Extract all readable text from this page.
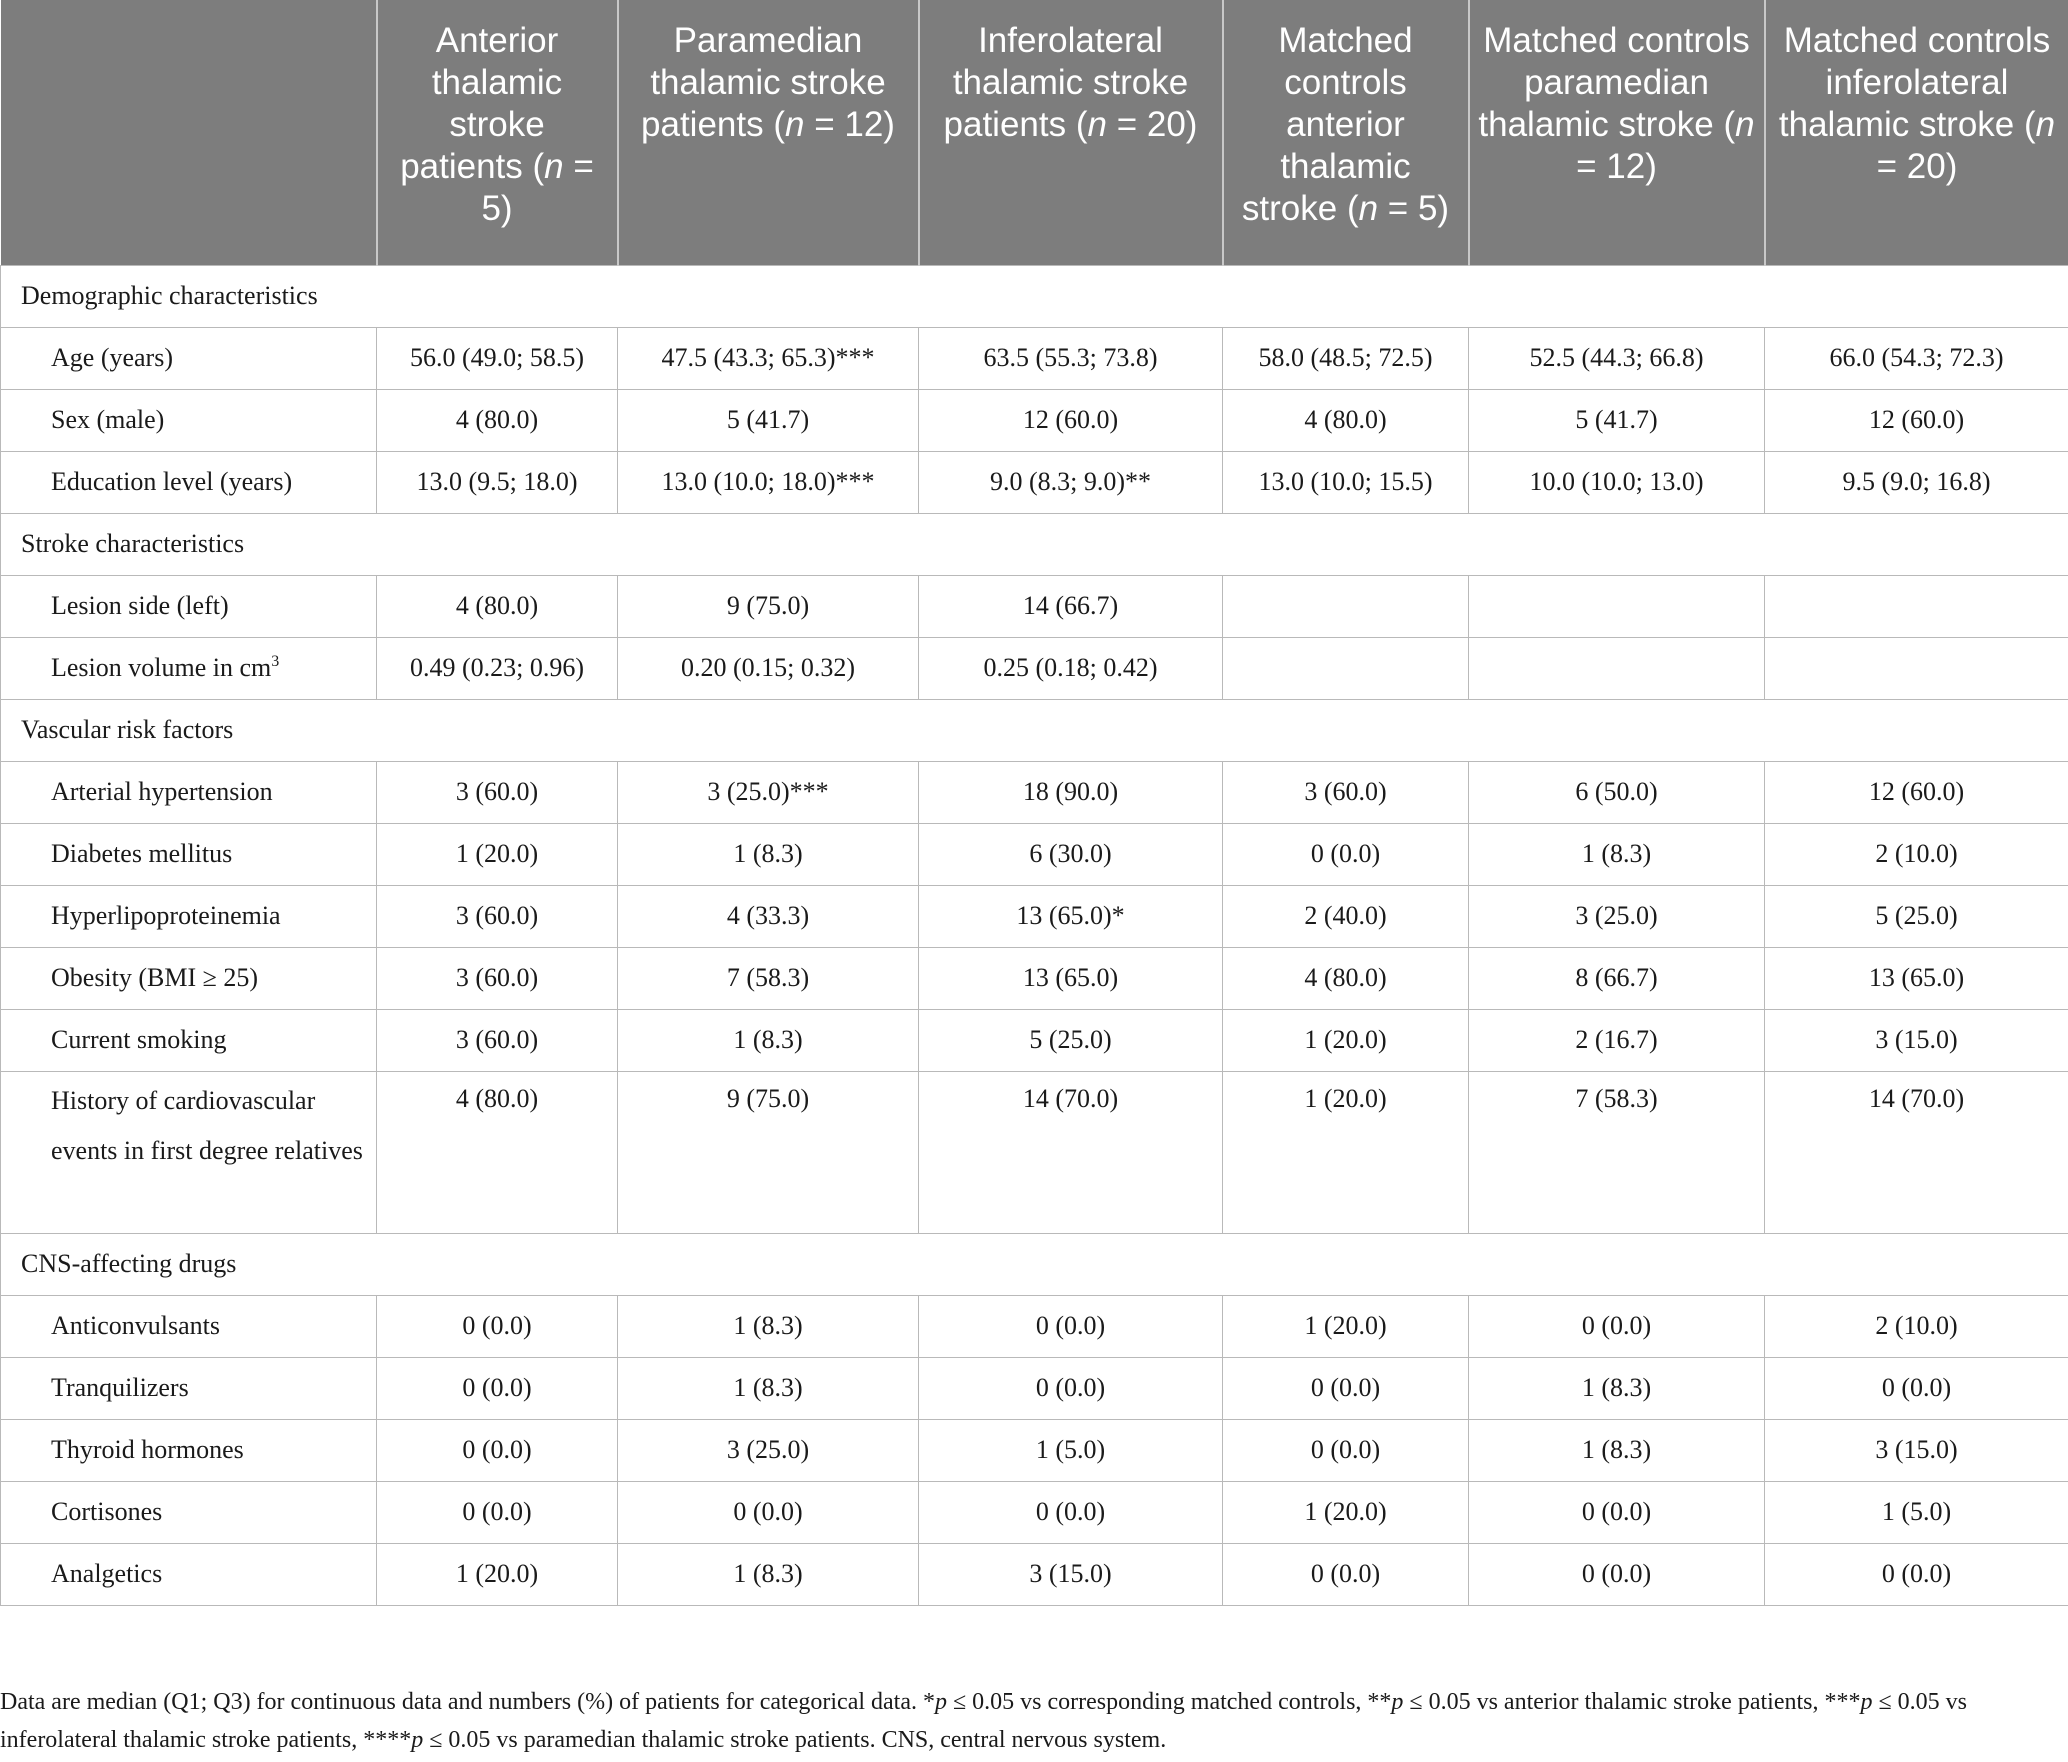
	Anterior thalamic stroke patients (n = 5)	Paramedian thalamic stroke patients (n = 12)	Inferolateral thalamic stroke patients (n = 20)	Matched controls anterior thalamic stroke (n = 5)	Matched controls paramedian thalamic stroke (n = 12)	Matched controls inferolateral thalamic stroke (n = 20)
Demographic characteristics						
Age (years)	56.0 (49.0; 58.5)	47.5 (43.3; 65.3)***	63.5 (55.3; 73.8)	58.0 (48.5; 72.5)	52.5 (44.3; 66.8)	66.0 (54.3; 72.3)
Sex (male)	4 (80.0)	5 (41.7)	12 (60.0)	4 (80.0)	5 (41.7)	12 (60.0)
Education level (years)	13.0 (9.5; 18.0)	13.0 (10.0; 18.0)***	9.0 (8.3; 9.0)**	13.0 (10.0; 15.5)	10.0 (10.0; 13.0)	9.5 (9.0; 16.8)
Stroke characteristics						
Lesion side (left)	4 (80.0)	9 (75.0)	14 (66.7)			
Lesion volume in $cm^3$	0.49 (0.23; 0.96)	0.20 (0.15; 0.32)	0.25 (0.18; 0.42)			
Vascular risk factors						
Arterial hypertension	3 (60.0)	3 (25.0)***	18 (90.0)	3 (60.0)	6 (50.0)	12 (60.0)
Diabetes mellitus	1 (20.0)	1 (8.3)	6 (30.0)	0 (0.0)	1 (8.3)	2 (10.0)
Hyperlipoproteinemia	3 (60.0)	4 (33.3)	13 (65.0)*	2 (40.0)	3 (25.0)	5 (25.0)
Obesity (BMI ≥ 25)	3 (60.0)	7 (58.3)	13 (65.0)	4 (80.0)	8 (66.7)	13 (65.0)
Current smoking	3 (60.0)	1 (8.3)	5 (25.0)	1 (20.0)	2 (16.7)	3 (15.0)
History of cardiovascular events in first degree relatives	4 (80.0)	9 (75.0)	14 (70.0)	1 (20.0)	7 (58.3)	14 (70.0)
CNS-affecting drugs						
Anticonvulsants	0 (0.0)	1 (8.3)	0 (0.0)	1 (20.0)	0 (0.0)	2 (10.0)
Tranquilizers	0 (0.0)	1 (8.3)	0 (0.0)	0 (0.0)	1 (8.3)	0 (0.0)
Thyroid hormones	0 (0.0)	3 (25.0)	1 (5.0)	0 (0.0)	1 (8.3)	3 (15.0)
Cortisones	0 (0.0)	0 (0.0)	0 (0.0)	1 (20.0)	0 (0.0)	1 (5.0)
Analgetics	1 (20.0)	1 (8.3)	3 (15.0)	0 (0.0)	0 (0.0)	0 (0.0)
Data are median (Q1; Q3) for continuous data and numbers (%) of patients for categorical data. *p ≤ 0.05 vs corresponding matched controls, **p ≤ 0.05 vs anterior thalamic stroke patients, ***p ≤ 0.05 vs inferolateral thalamic stroke patients, ****p ≤ 0.05 vs paramedian thalamic stroke patients. CNS, central nervous system.
